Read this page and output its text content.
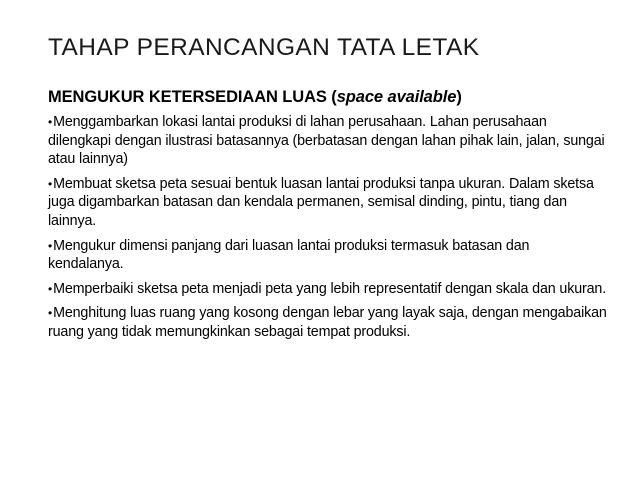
TAHAP PERANCANGAN TATA LETAK
MENGUKUR KETERSEDIAAN LUAS (space available)
•Menggambarkan lokasi lantai produksi di lahan perusahaan. Lahan perusahaan dilengkapi dengan ilustrasi batasannya (berbatasan dengan lahan pihak lain, jalan, sungai atau lainnya)
•Membuat sketsa peta sesuai bentuk luasan lantai produksi tanpa ukuran. Dalam sketsa juga digambarkan batasan dan kendala permanen, semisal dinding, pintu, tiang dan lainnya.
•Mengukur dimensi panjang dari luasan lantai produksi termasuk batasan dan kendalanya.
•Memperbaiki sketsa peta menjadi peta yang lebih representatif dengan skala dan ukuran.
•Menghitung luas ruang yang kosong dengan lebar yang layak saja, dengan mengabaikan ruang yang tidak memungkinkan sebagai tempat produksi.
